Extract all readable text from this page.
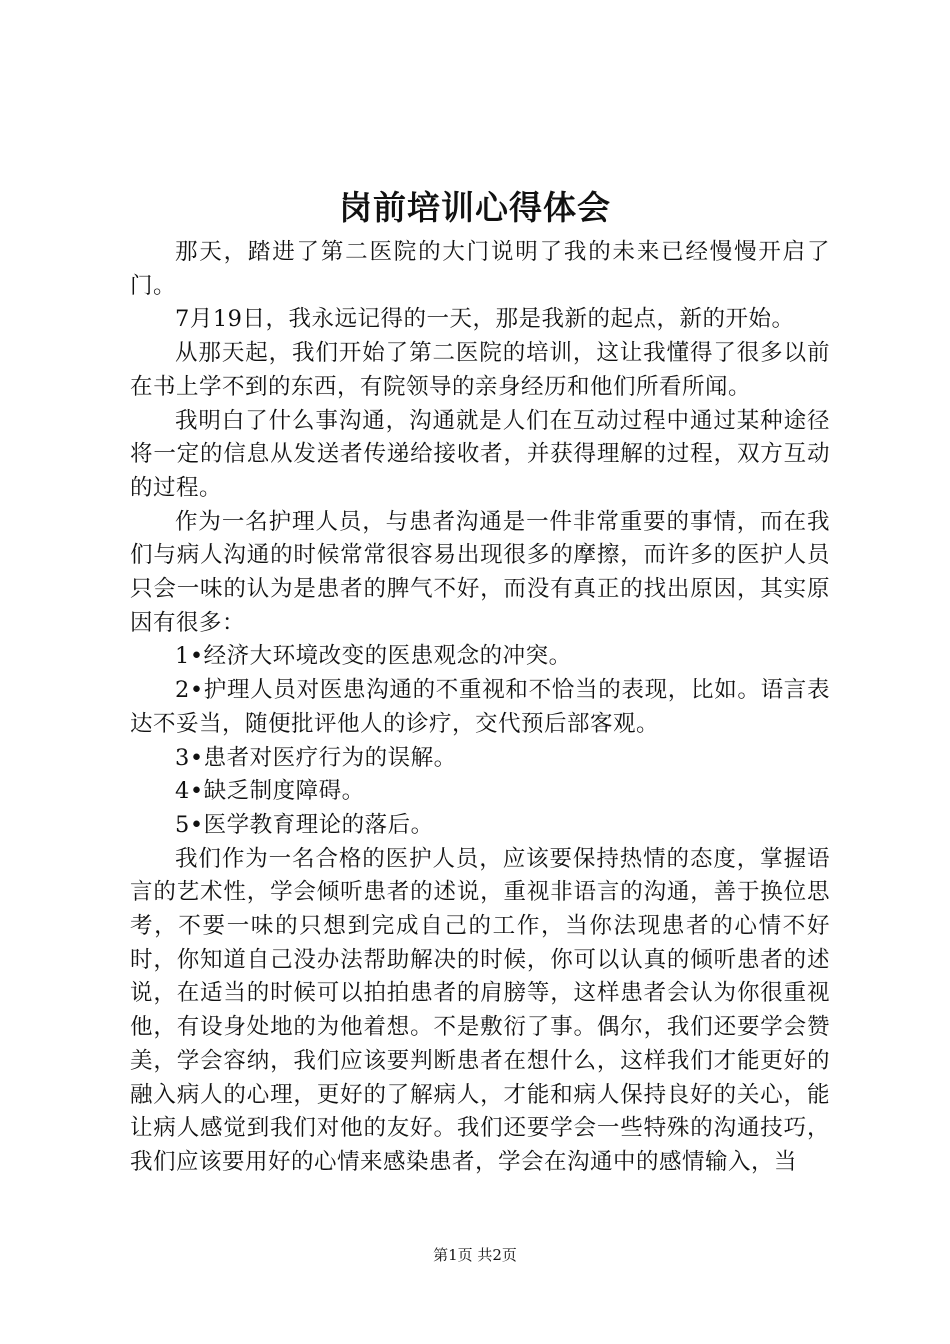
岗前培训心得体会

那天，踏进了第二医院的大门说明了我的未来已经慢慢开启了门。

7月19日，我永远记得的一天，那是我新的起点，新的开始。

从那天起，我们开始了第二医院的培训，这让我懂得了很多以前在书上学不到的东西，有院领导的亲身经历和他们所看所闻。

我明白了什么事沟通，沟通就是人们在互动过程中通过某种途径将一定的信息从发送者传递给接收者，并获得理解的过程，双方互动的过程。

作为一名护理人员，与患者沟通是一件非常重要的事情，而在我们与病人沟通的时候常常很容易出现很多的摩擦，而许多的医护人员只会一味的认为是患者的脾气不好，而没有真正的找出原因，其实原因有很多：

1•经济大环境改变的医患观念的冲突。

2•护理人员对医患沟通的不重视和不恰当的表现，比如。语言表达不妥当，随便批评他人的诊疗，交代预后部客观。

3•患者对医疗行为的误解。

4•缺乏制度障碍。

5•医学教育理论的落后。

我们作为一名合格的医护人员，应该要保持热情的态度，掌握语言的艺术性，学会倾听患者的述说，重视非语言的沟通，善于换位思考，不要一味的只想到完成自己的工作，当你法现患者的心情不好时，你知道自己没办法帮助解决的时候，你可以认真的倾听患者的述说，在适当的时候可以拍拍患者的肩膀等，这样患者会认为你很重视他，有设身处地的为他着想。不是敷衍了事。偶尔，我们还要学会赞美，学会容纳，我们应该要判断患者在想什么，这样我们才能更好的融入病人的心理，更好的了解病人，才能和病人保持良好的关心，能让病人感觉到我们对他的友好。我们还要学会一些特殊的沟通技巧，我们应该要用好的心情来感染患者，学会在沟通中的感情输入，当

第1页 共2页
